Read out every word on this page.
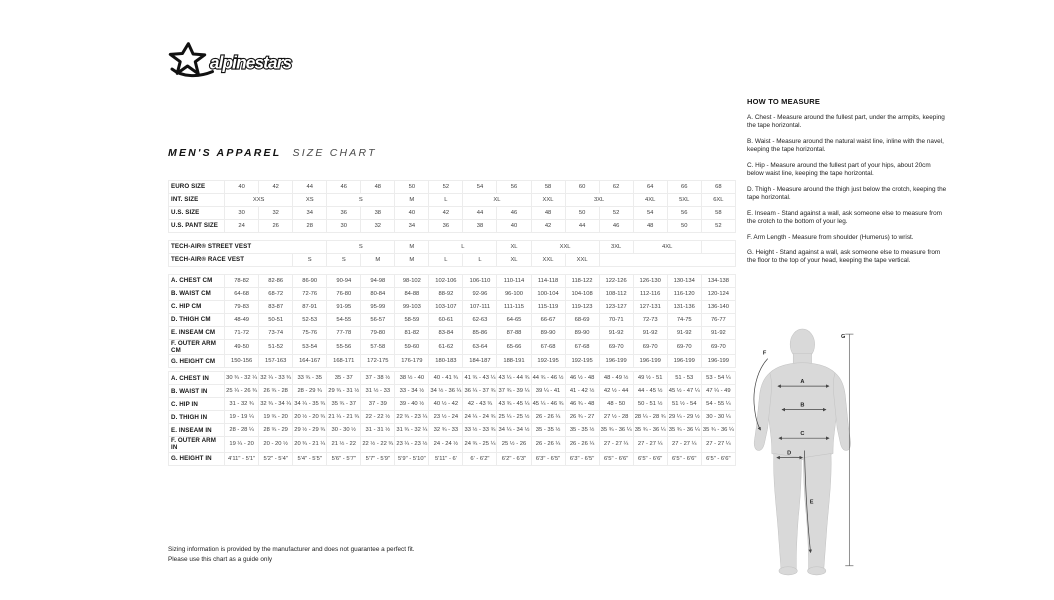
alpinestars
MEN'S APPAREL SIZE CHART
EURO SIZE	40	42	44	46	48	50	52	54	56	58	60	62	64	66	68
INT. SIZE	XXS		XS	S		M	L	XL		XXL	3XL		4XL	5XL	6XL
U.S. SIZE	30	32	34	36	38	40	42	44	46	48	50	52	54	56	58
U.S. PANT SIZE	24	26	28	30	32	34	36	38	40	42	44	46	48	50	52

TECH-AIR® STREET VEST				S		M	L		XL	XXL		3XL	4XL		
TECH-AIR® RACE VEST			S	S	M	M	L	L	XL	XXL	XXL				

A. CHEST CM	78-82	82-86	86-90	90-94	94-98	98-102	102-106	106-110	110-114	114-118	118-122	122-126	126-130	130-134	134-138
B. WAIST CM	64-68	68-72	72-76	76-80	80-84	84-88	88-92	92-96	96-100	100-104	104-108	108-112	112-116	116-120	120-124
C. HIP CM	79-83	83-87	87-91	91-95	95-99	99-103	103-107	107-111	111-115	115-119	119-123	123-127	127-131	131-136	136-140
D. THIGH CM	48-49	50-51	52-53	54-55	56-57	58-59	60-61	62-63	64-65	66-67	68-69	70-71	72-73	74-75	76-77
E. INSEAM CM	71-72	73-74	75-76	77-78	79-80	81-82	83-84	85-86	87-88	89-90	89-90	91-92	91-92	91-92	91-92
F. OUTER ARM CM	49-50	51-52	53-54	55-56	57-58	59-60	61-62	63-64	65-66	67-68	67-68	69-70	69-70	69-70	69-70
G. HEIGHT CM	150-156	157-163	164-167	168-171	172-175	176-179	180-183	184-187	188-191	192-195	192-195	196-199	196-199	196-199	196-199

A. CHEST IN	30 ¾ - 32 ¼	32 ¼ - 33 ¾	33 ¾ - 35	35 - 37	37 - 38 ½	38 ½ - 40	40 - 41 ¾	41 ¾ - 43 ¼	43 ¼ - 44 ¾	44 ¾ - 46 ½	46 ½ - 48	48 - 49 ½	49 ½ - 51	51 - 53	53 - 54 ¼
B. WAIST IN	25 ¼ - 26 ¾	26 ¾ - 28	28 - 29 ¾	29 ¾ - 31 ½	31 ½ - 33	33 - 34 ½	34 ½ - 36 ¼	36 ¼ - 37 ¾	37 ¾ - 39 ¼	39 ¼ - 41	41 - 42 ½	42 ½ - 44	44 - 45 ½	45 ½ - 47 ¼	47 ¼ - 49
C. HIP IN	31 - 32 ¾	32 ¾ - 34 ¼	34 ¼ - 35 ¾	35 ¾ - 37	37 - 39	39 - 40 ½	40 ½ - 42	42 - 43 ¾	43 ¾ - 45 ¼	45 ¼ - 46 ¾	46 ¾ - 48	48 - 50	50 - 51 ½	51 ½ - 54	54 - 55 ¼
D. THIGH IN	19 - 19 ¼	19 ¾ - 20	20 ½ - 20 ¾	21 ¼ - 21 ¾	22 - 22 ½	22 ¾ - 23 ¼	23 ½ - 24	24 ¼ - 24 ¾	25 ¼ - 25 ½	26 - 26 ¼	26 ¾ - 27	27 ½ - 28	28 ¼ - 28 ¾	29 ¼ - 29 ½	30 - 30 ¼
E. INSEAM IN	28 - 28 ¼	28 ¾ - 29	29 ½ - 29 ¾	30 - 30 ½	31 - 31 ½	31 ¾ - 32 ¼	32 ¾ - 33	33 ½ - 33 ¾	34 ¼ - 34 ½	35 - 35 ½	35 - 35 ½	35 ¾ - 36 ¼	35 ¾ - 36 ¼	35 ¾ - 36 ¼	35 ¾ - 36 ¼
F. OUTER ARM IN	19 ¼ - 20	20 - 20 ½	20 ¾ - 21 ¼	21 ½ - 22	22 ½ - 22 ¾	23 ¼ - 23 ½	24 - 24 ½	24 ¾ - 25 ¼	25 ½ - 26	26 - 26 ¼	26 - 26 ¼	27 - 27 ¼	27 - 27 ¼	27 - 27 ¼	27 - 27 ¼
G. HEIGHT IN	4'11" - 5'1"	5'2" - 5'4"	5'4" - 5'5"	5'6" - 5'7"	5'7" - 5'9"	5'9" - 5'10"	5'11" - 6'	6' - 6'2"	6'2" - 6'3"	6'3" - 6'5"	6'3" - 6'5"	6'5" - 6'6"	6'5" - 6'6"	6'5" - 6'6"	6'5" - 6'6"
HOW TO MEASURE

A. Chest - Measure around the fullest part, under the armpits, keeping the tape horizontal.

B. Waist - Measure around the natural waist line, inline with the navel, keeping the tape horizontal.

C. Hip - Measure around the fullest part of your hips, about 20cm below waist line, keeping the tape horizontal.

D. Thigh - Measure around the thigh just below the crotch, keeping the tape horizontal.

E. Inseam - Stand against a wall, ask someone else to measure from the crotch to the bottom of your leg.

F. Arm Length - Measure from shoulder (Humerus) to wrist.

G. Height - Stand against a wall, ask someone else to measure from the floor to the top of your head, keeping the tape vertical.

A
B
C
D
E
F
G
Sizing information is provided by the manufacturer and does not guarantee a perfect fit.
Please use this chart as a guide only
